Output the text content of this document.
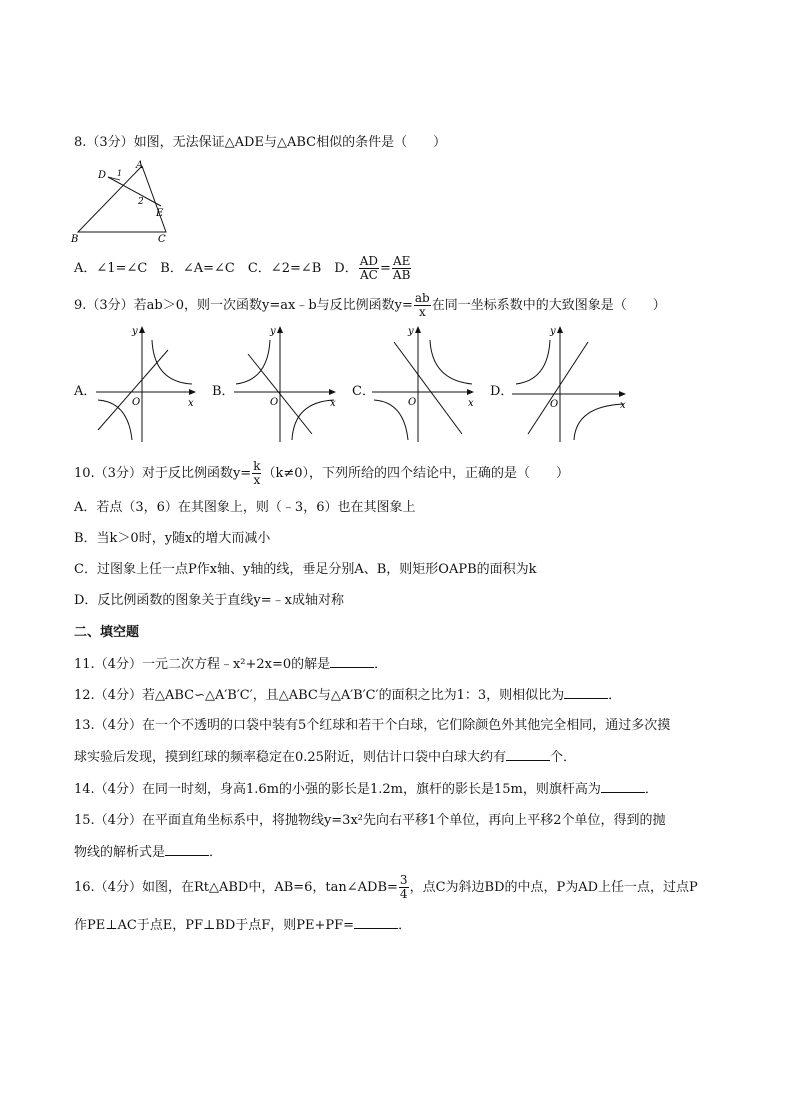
8.（3分）如图，无法保证△ADE与△ABC相似的条件是（　　）
A
D 1
2
E
B	C
A．∠1=∠C　B．∠A=∠C　C．∠2=∠B　D． $\frac{AD}{AC} = \frac{AE}{AB}$
9.（3分）若ab＞0，则一次函数y=ax﹣b与反比例函数$y= \frac{ab}{x}$ 在同一坐标系数中的大致图象是（　　）
A．
y
x
O
B．
y
x
O
C．
y
x
O
D．
y
x
O
10.（3分）对于反比例函数$y= \frac{k}{x} (k\ne 0)$，下列所给的四个结论中，正确的是（　　）
A．若点（3，6）在其图象上，则（﹣3，6）也在其图象上
B．当k＞0时，y随x的增大而减小
C．过图象上任一点P作x轴、y轴的线，垂足分别A、B，则矩形OAPB的面积为k
D．反比例函数的图象关于直线y=﹣x成轴对称
二、填空题
11.（4分）一元二次方程﹣x²+2x=0的解是	．
12.（4分）若△ABC∽△A′B′C′，且△ABC与△A′B′C′的面积之比为1：3，则相似比为	．
13.（4分）在一个不透明的口袋中装有5个红球和若干个白球，它们除颜色外其他完全相同，通过多次摸
球实验后发现，摸到红球的频率稳定在0.25附近，则估计口袋中白球大约有	个．
14.（4分）在同一时刻，身高1.6m的小强的影长是1.2m，旗杆的影长是15m，则旗杆高为	．
15.（4分）在平面直角坐标系中，将抛物线y=3x²先向右平移1个单位，再向上平移2个单位，得到的抛
物线的解析式是	．
16.（4分）如图，在Rt△ABD中，AB=6，tan∠ADB= $\frac{3}{4}$ ，点C为斜边BD的中点，P为AD上任一点，过点P
作PE⊥AC于点E，PF⊥BD于点F，则PE+PF=	．
